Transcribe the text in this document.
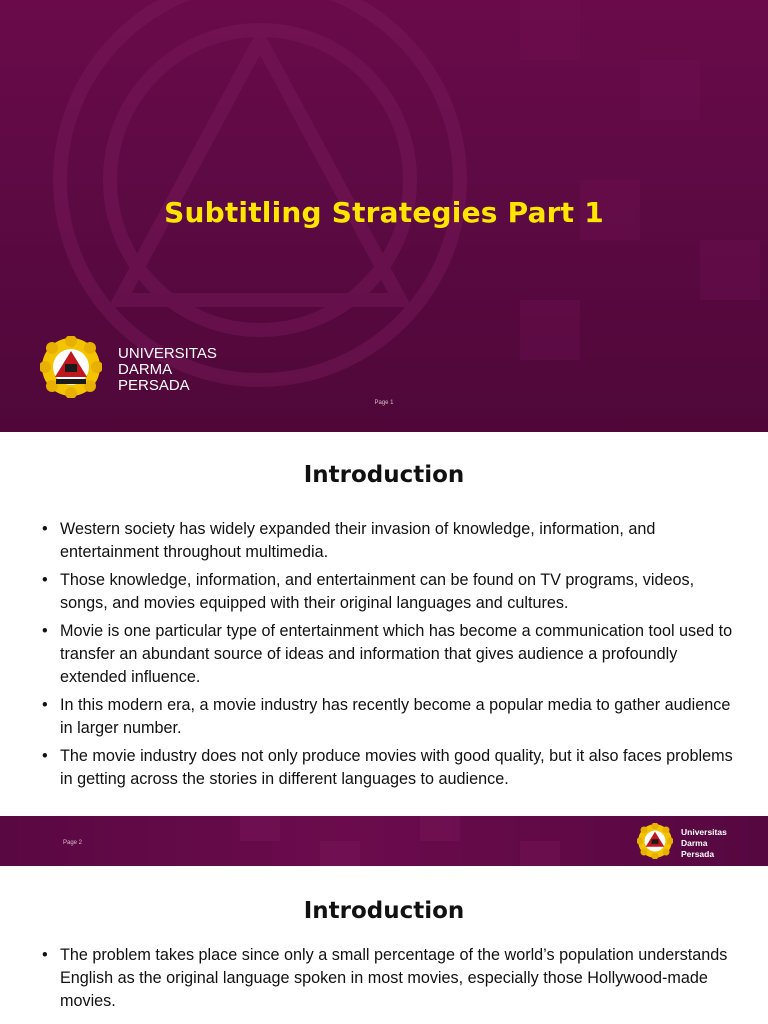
Subtitling Strategies Part 1
Page 1
UNIVERSITAS
DARMA
PERSADA
Introduction
• Western society has widely expanded their invasion of knowledge, information, and entertainment throughout multimedia.
• Those knowledge, information, and entertainment can be found on TV programs, videos, songs, and movies equipped with their original languages and cultures.
• Movie is one particular type of entertainment which has become a communication tool used to transfer an abundant source of ideas and information that gives audience a profoundly extended influence.
• In this modern era, a movie industry has recently become a popular media to gather audience in larger number.
• The movie industry does not only produce movies with good quality, but it also faces problems in getting across the stories in different languages to audience.
Page 2
Universitas
Darma
Persada
Introduction
• The problem takes place since only a small percentage of the world’s population understands English as the original language spoken in most movies, especially those Hollywood-made movies.
